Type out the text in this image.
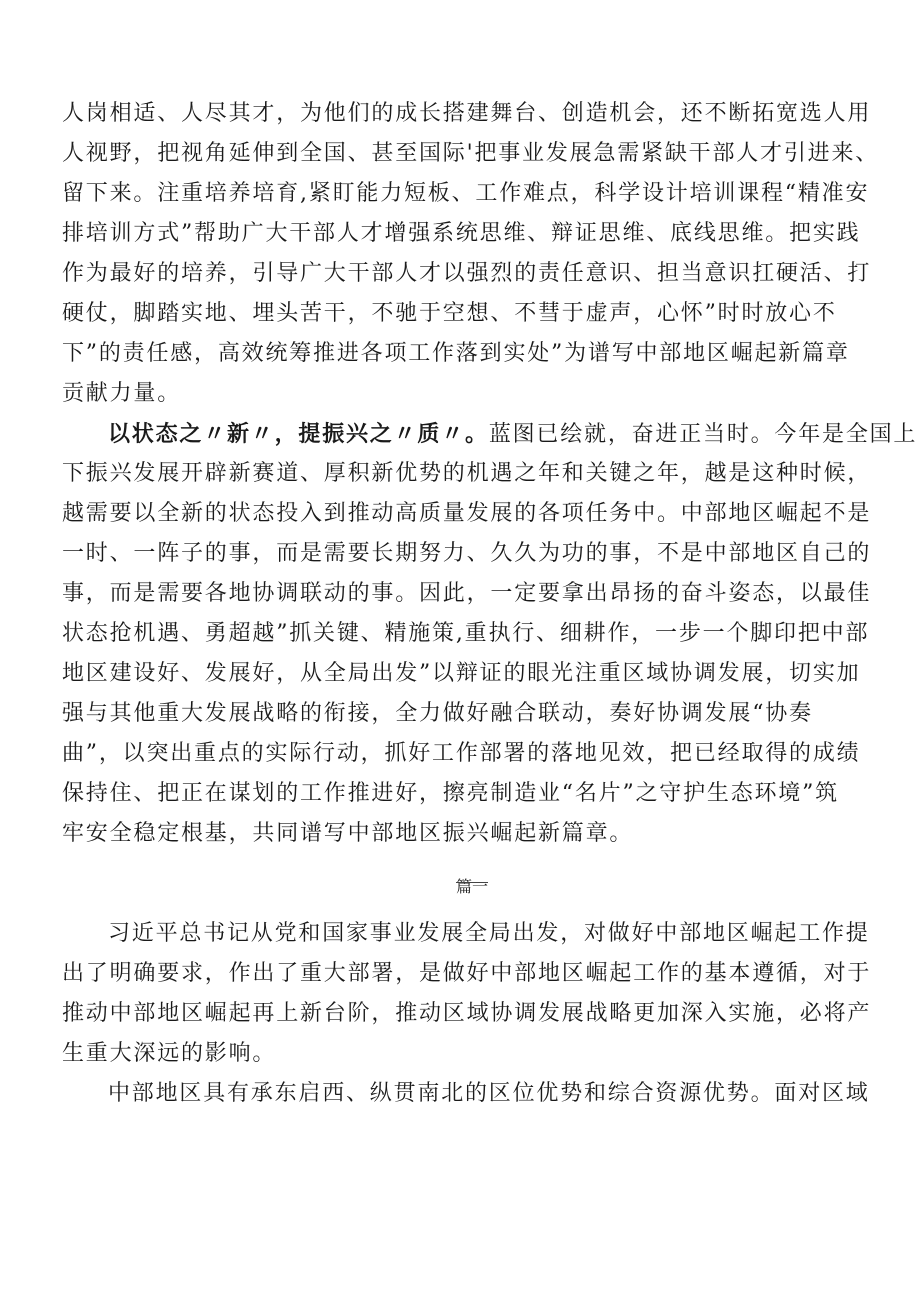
人岗相适、人尽其才，为他们的成长搭建舞台、创造机会，还不断拓宽选人用
人视野，把视角延伸到全国、甚至国际'把事业发展急需紧缺干部人才引进来、
留下来。注重培养培育,紧盯能力短板、工作难点，科学设计培训课程“精准安
排培训方式”帮助广大干部人才增强系统思维、辩证思维、底线思维。把实践
作为最好的培养，引导广大干部人才以强烈的责任意识、担当意识扛硬活、打
硬仗，脚踏实地、埋头苦干，不驰于空想、不彗于虚声，心怀”时时放心不
下”的责任感，高效统筹推进各项工作落到实处”为谱写中部地区崛起新篇章
贡献力量。
以状态之〃新〃，提振兴之〃质〃。蓝图已绘就，奋进正当时。今年是全国上
下振兴发展开辟新赛道、厚积新优势的机遇之年和关键之年，越是这种时候，
越需要以全新的状态投入到推动高质量发展的各项任务中。中部地区崛起不是
一时、一阵子的事，而是需要长期努力、久久为功的事，不是中部地区自己的
事，而是需要各地协调联动的事。因此，一定要拿出昂扬的奋斗姿态，以最佳
状态抢机遇、勇超越”抓关键、精施策,重执行、细耕作，一步一个脚印把中部
地区建设好、发展好，从全局出发”以辩证的眼光注重区域协调发展，切实加
强与其他重大发展战略的衔接，全力做好融合联动，奏好协调发展“协奏
曲”，以突出重点的实际行动，抓好工作部署的落地见效，把已经取得的成绩
保持住、把正在谋划的工作推进好，擦亮制造业“名片”之守护生态环境”筑
牢安全稳定根基，共同谱写中部地区振兴崛起新篇章。
篇一
习近平总书记从党和国家事业发展全局出发，对做好中部地区崛起工作提
出了明确要求，作出了重大部署，是做好中部地区崛起工作的基本遵循，对于
推动中部地区崛起再上新台阶，推动区域协调发展战略更加深入实施，必将产
生重大深远的影响。
中部地区具有承东启西、纵贯南北的区位优势和综合资源优势。面对区域
